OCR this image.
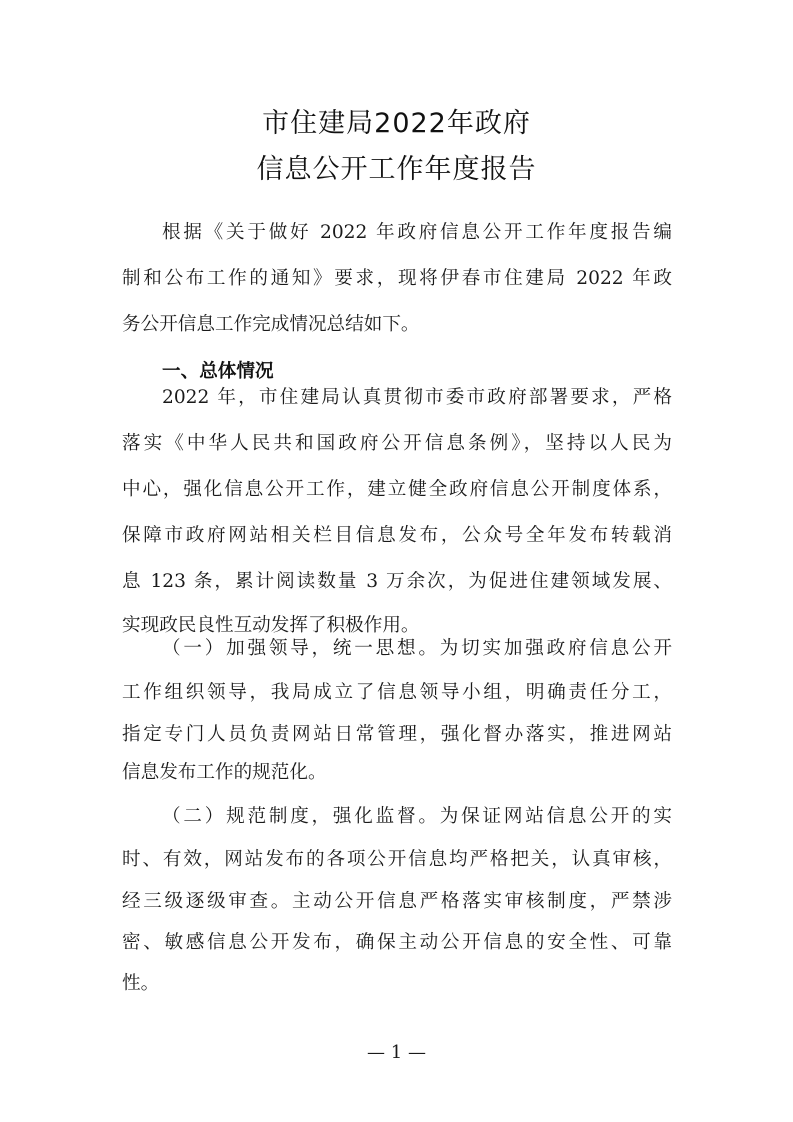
市住建局2022年政府
信息公开工作年度报告
根据《关于做好 2022 年政府信息公开工作年度报告编
制和公布工作的通知》要求，现将伊春市住建局 2022 年政
务公开信息工作完成情况总结如下。
一、总体情况
2022 年，市住建局认真贯彻市委市政府部署要求，严格
落实《中华人民共和国政府公开信息条例》，坚持以人民为
中心，强化信息公开工作，建立健全政府信息公开制度体系，
保障市政府网站相关栏目信息发布，公众号全年发布转载消
息 123 条，累计阅读数量 3 万余次，为促进住建领域发展、
实现政民良性互动发挥了积极作用。
（一）加强领导，统一思想。为切实加强政府信息公开
工作组织领导，我局成立了信息领导小组，明确责任分工，
指定专门人员负责网站日常管理，强化督办落实，推进网站
信息发布工作的规范化。
（二）规范制度，强化监督。为保证网站信息公开的实
时、有效，网站发布的各项公开信息均严格把关，认真审核，
经三级逐级审查。主动公开信息严格落实审核制度，严禁涉
密、敏感信息公开发布，确保主动公开信息的安全性、可靠
性。
— 1 —
